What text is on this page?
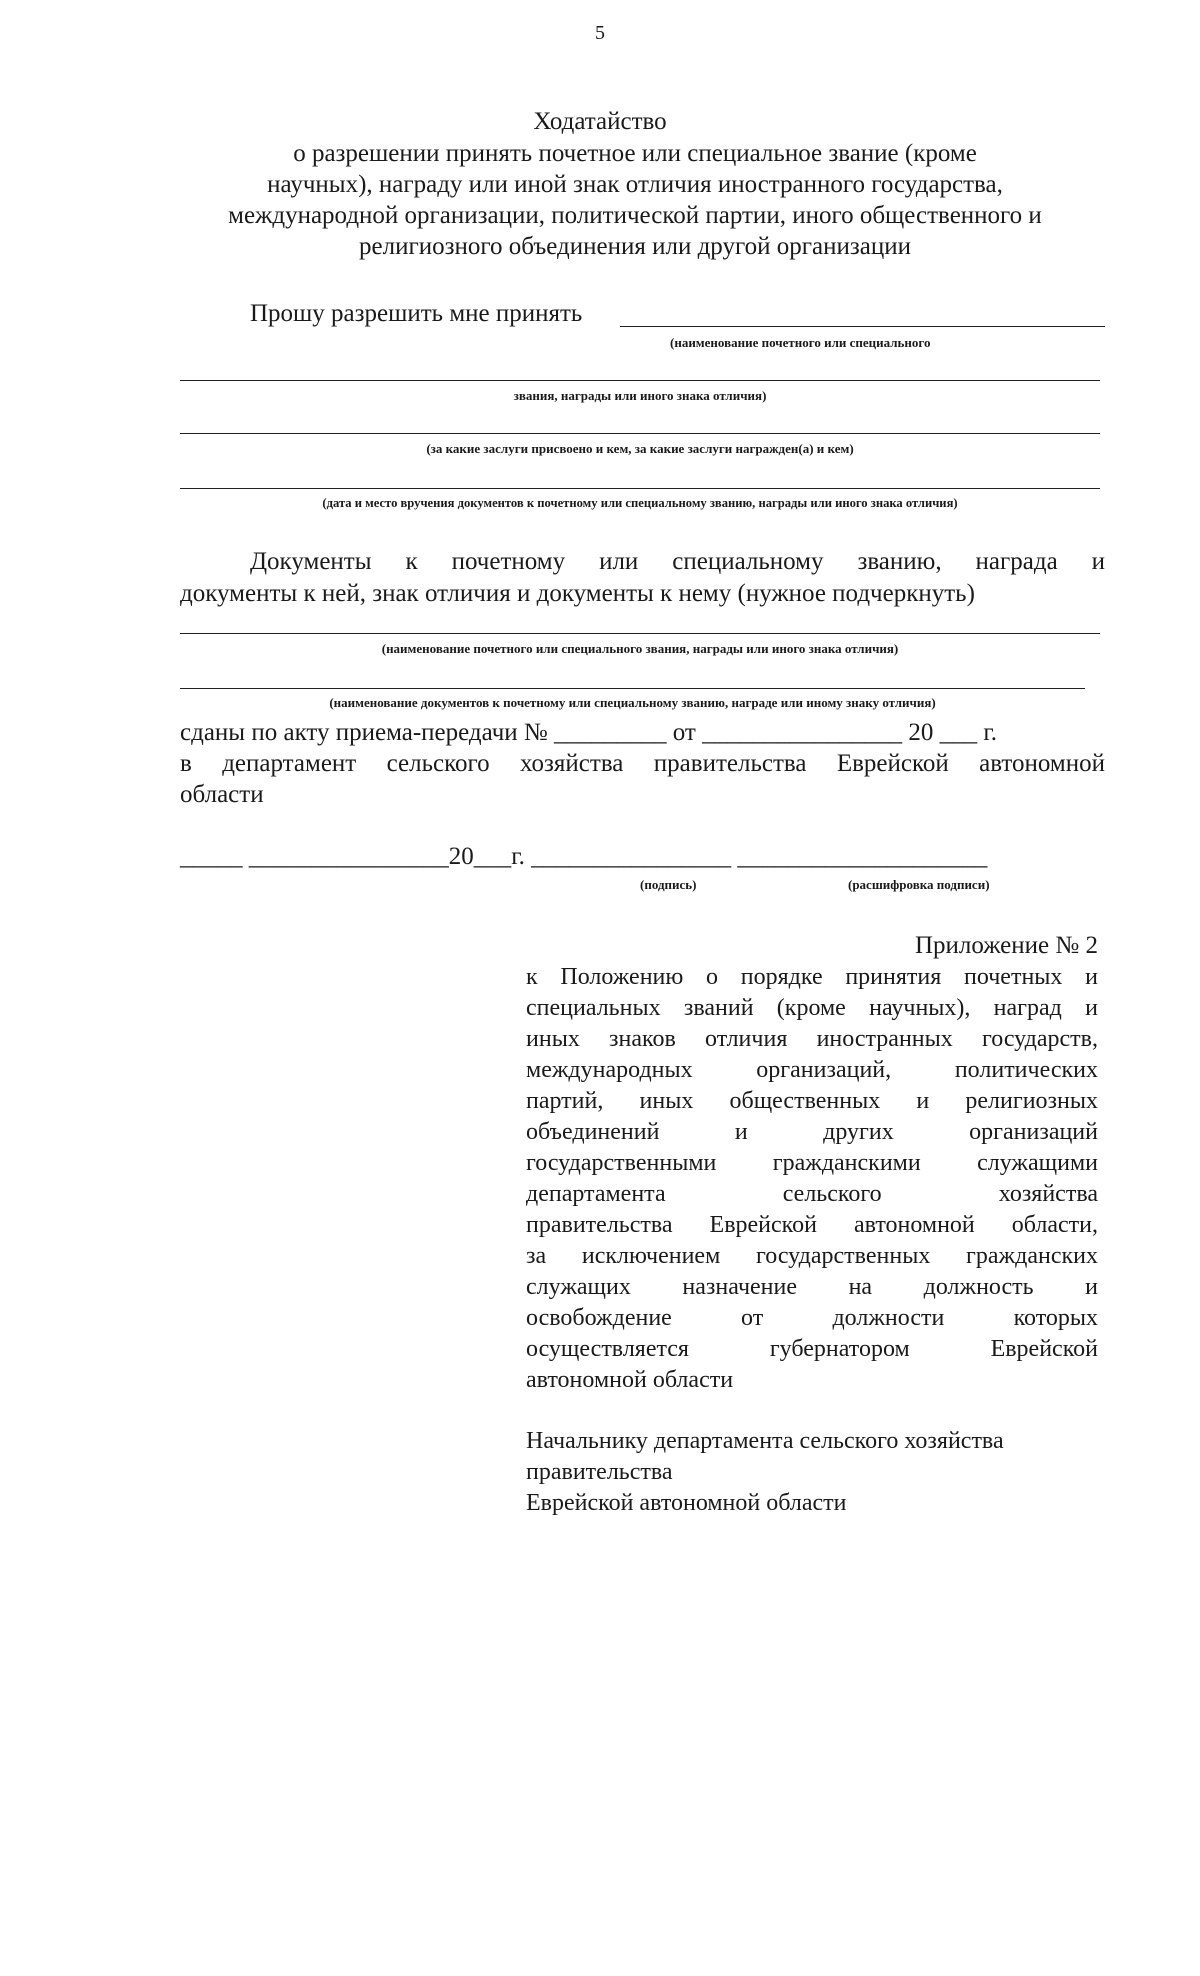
5
Ходатайство
о разрешении принять почетное или специальное звание (кроме
научных), награду или иной знак отличия иностранного государства,
международной организации, политической партии, иного общественного и
религиозного объединения или другой организации
Прошу разрешить мне принять
(наименование почетного или специального
звания, награды или иного знака отличия)
(за какие заслуги присвоено и кем, за какие заслуги награжден(а) и кем)
(дата и место вручения документов к почетному или специальному званию, награды или иного знака отличия)
Документы к почетному или специальному званию, награда и
документы к ней, знак отличия и документы к нему (нужное подчеркнуть)
(наименование почетного или специального звания, награды или иного знака отличия)
(наименование документов к почетному или специальному званию, награде или иному знаку отличия)
сданы по акту приема-передачи № _________ от ________________ 20 ___ г.
в департамент сельского хозяйства правительства Еврейской автономной
области
_____ ________________20___г. ________________ ____________________
(подпись)	(расшифровка подписи)
Приложение № 2
к Положению о порядке принятия почетных и
специальных званий (кроме научных), наград и
иных знаков отличия иностранных государств,
международных организаций, политических
партий, иных общественных и религиозных
объединений и других организаций
государственными гражданскими служащими
департамента сельского хозяйства
правительства Еврейской автономной области,
за исключением государственных гражданских
служащих назначение на должность и
освобождение от должности которых
осуществляется губернатором Еврейской
автономной области
Начальнику департамента сельского хозяйства
правительства
Еврейской автономной области
